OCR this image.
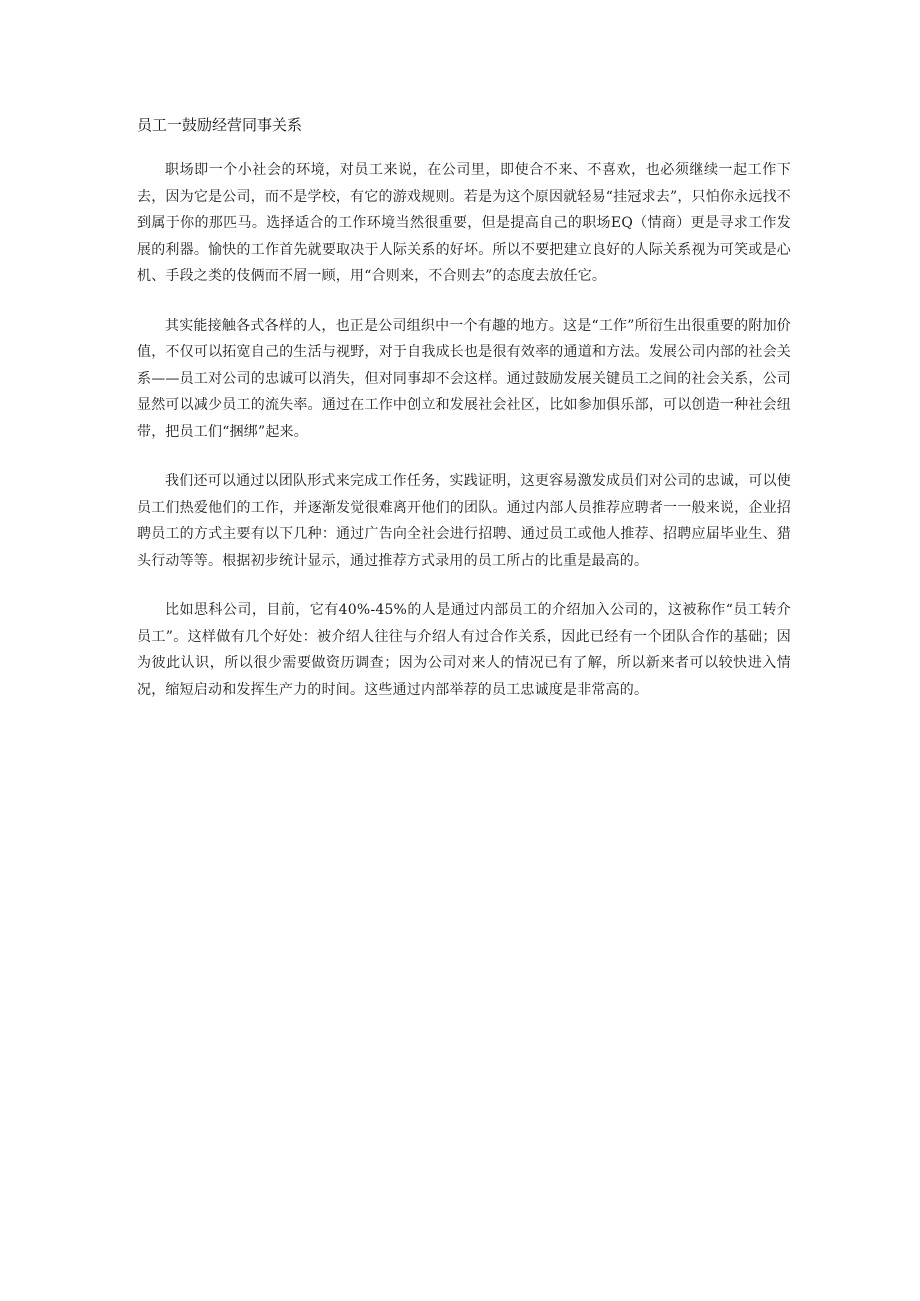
员工一鼓励经营同事关系

职场即一个小社会的环境，对员工来说，在公司里，即使合不来、不喜欢，也必须继续一起工作下去，因为它是公司，而不是学校，有它的游戏规则。若是为这个原因就轻易“挂冠求去”，只怕你永远找不到属于你的那匹马。选择适合的工作环境当然很重要，但是提高自己的职场EQ（情商）更是寻求工作发展的利器。愉快的工作首先就要取决于人际关系的好坏。所以不要把建立良好的人际关系视为可笑或是心机、手段之类的伎俩而不屑一顾，用“合则来，不合则去”的态度去放任它。

其实能接触各式各样的人，也正是公司组织中一个有趣的地方。这是“工作”所衍生出很重要的附加价值，不仅可以拓宽自己的生活与视野，对于自我成长也是很有效率的通道和方法。发展公司内部的社会关系——员工对公司的忠诚可以消失，但对同事却不会这样。通过鼓励发展关键员工之间的社会关系，公司显然可以减少员工的流失率。通过在工作中创立和发展社会社区，比如参加俱乐部，可以创造一种社会纽带，把员工们“捆绑”起来。

我们还可以通过以团队形式来完成工作任务，实践证明，这更容易激发成员们对公司的忠诚，可以使员工们热爱他们的工作，并逐渐发觉很难离开他们的团队。通过内部人员推荐应聘者一一般来说，企业招聘员工的方式主要有以下几种：通过广告向全社会进行招聘、通过员工或他人推荐、招聘应届毕业生、猎头行动等等。根据初步统计显示，通过推荐方式录用的员工所占的比重是最高的。

比如思科公司，目前，它有40%-45%的人是通过内部员工的介绍加入公司的，这被称作“员工转介员工”。这样做有几个好处：被介绍人往往与介绍人有过合作关系，因此已经有一个团队合作的基础；因为彼此认识，所以很少需要做资历调查；因为公司对来人的情况已有了解，所以新来者可以较快进入情况，缩短启动和发挥生产力的时间。这些通过内部举荐的员工忠诚度是非常高的。
